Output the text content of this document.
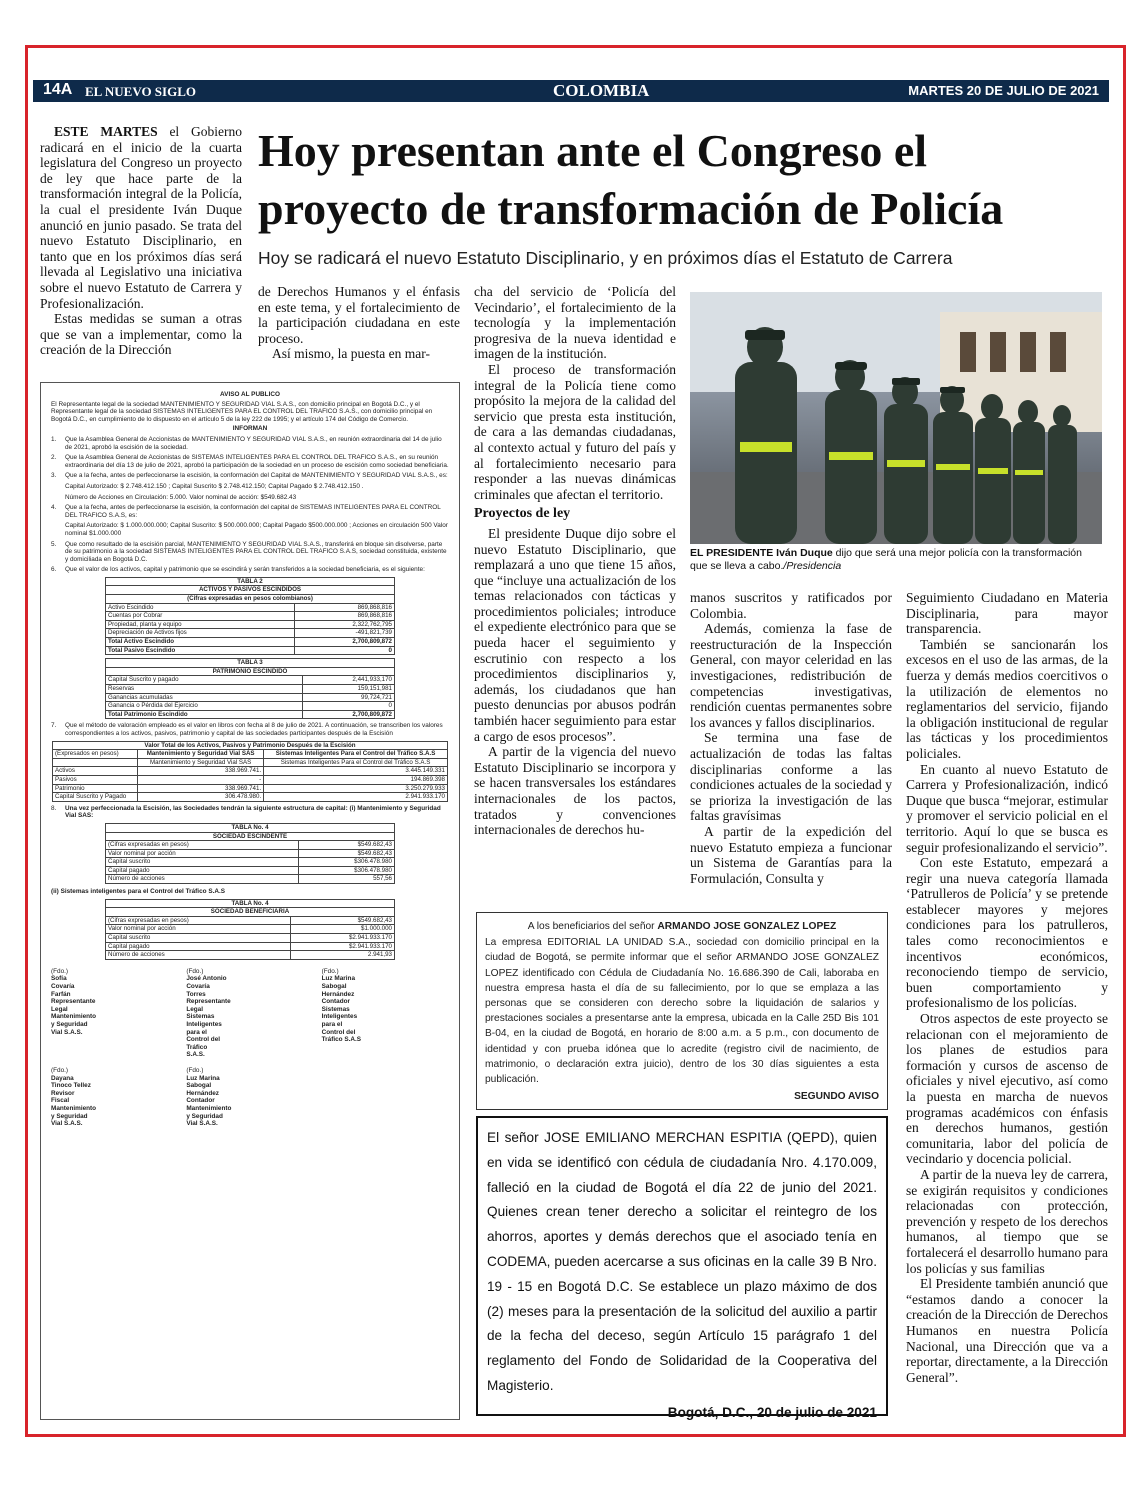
14A EL NUEVO SIGLO	COLOMBIA	MARTES 20 DE JULIO DE 2021

ESTE MARTES el Gobierno radicará en el inicio de la cuarta legislatura del Congreso un proyecto de ley que hace parte de la transformación integral de la Policía, la cual el presidente Iván Duque anunció en junio pasado. Se trata del nuevo Estatuto Disciplinario, en tanto que en los próximos días será llevada al Legislativo una iniciativa sobre el nuevo Estatuto de Carrera y Profesionalización.

Estas medidas se suman a otras que se van a implementar, como la creación de la Dirección

Hoy presentan ante el Congreso el proyecto de transformación de Policía
Hoy se radicará el nuevo Estatuto Disciplinario, y en próximos días el Estatuto de Carrera

de Derechos Humanos y el énfasis en este tema, y el fortalecimiento de la participación ciudadana en este proceso.

Así mismo, la puesta en mar-

cha del servicio de ‘Policía del Vecindario’, el fortalecimiento de la tecnología y la implementación progresiva de la nueva identidad e imagen de la institución.

El proceso de transformación integral de la Policía tiene como propósito la mejora de la calidad del servicio que presta esta institución, de cara a las demandas ciudadanas, al contexto actual y futuro del país y al fortalecimiento necesario para responder a las nuevas dinámicas criminales que afectan el territorio.

Proyectos de ley

El presidente Duque dijo sobre el nuevo Estatuto Disciplinario, que remplazará a uno que tiene 15 años, que “incluye una actualización de los temas relacionados con tácticas y procedimientos policiales; introduce el expediente electrónico para que se pueda hacer el seguimiento y escrutinio con respecto a los procedimientos disciplinarios y, además, los ciudadanos que han puesto denuncias por abusos podrán también hacer seguimiento para estar a cargo de esos procesos”.

A partir de la vigencia del nuevo Estatuto Disciplinario se incorpora y se hacen transversales los estándares internacionales de los pactos, tratados y convenciones internacionales de derechos hu-

EL PRESIDENTE Iván Duque dijo que será una mejor policía con la transformación que se lleva a cabo./Presidencia

manos suscritos y ratificados por Colombia.

Además, comienza la fase de reestructuración de la Inspección General, con mayor celeridad en las investigaciones, redistribución de competencias investigativas, rendición cuentas permanentes sobre los avances y fallos disciplinarios.

Se termina una fase de actualización de todas las faltas disciplinarias conforme a las condiciones actuales de la sociedad y se prioriza la investigación de las faltas gravísimas

A partir de la expedición del nuevo Estatuto empieza a funcionar un Sistema de Garantías para la Formulación, Consulta y

Seguimiento Ciudadano en Materia Disciplinaria, para mayor transparencia.

También se sancionarán los excesos en el uso de las armas, de la fuerza y demás medios coercitivos o la utilización de elementos no reglamentarios del servicio, fijando la obligación institucional de regular las tácticas y los procedimientos policiales.

En cuanto al nuevo Estatuto de Carrera y Profesionalización, indicó Duque que busca “mejorar, estimular y promover el servicio policial en el territorio. Aquí lo que se busca es seguir profesionalizando el servicio”.

Con este Estatuto, empezará a regir una nueva categoría llamada ‘Patrulleros de Policía’ y se pretende establecer mayores y mejores condiciones para los patrulleros, tales como reconocimientos e incentivos económicos, reconociendo tiempo de servicio, buen comportamiento y profesionalismo de los policías.

Otros aspectos de este proyecto se relacionan con el mejoramiento de los planes de estudios para formación y cursos de ascenso de oficiales y nivel ejecutivo, así como la puesta en marcha de nuevos programas académicos con énfasis en derechos humanos, gestión comunitaria, labor del policía de vecindario y docencia policial.

A partir de la nueva ley de carrera, se exigirán requisitos y condiciones relacionadas con protección, prevención y respeto de los derechos humanos, al tiempo que se fortalecerá el desarrollo humano para los policías y sus familias

El Presidente también anunció que “estamos dando a conocer la creación de la Dirección de Derechos Humanos en nuestra Policía Nacional, una Dirección que va a reportar, directamente, a la Dirección General”.

AVISO AL PUBLICO
El Representante legal de la sociedad MANTENIMIENTO Y SEGURIDAD VIAL S.A.S., con domicilio principal en Bogotá D.C., y el Representante legal de la sociedad SISTEMAS INTELIGENTES PARA EL CONTROL DEL TRAFICO S.A.S., con domicilio principal en Bogotá D.C., en cumplimiento de lo dispuesto en el artículo 5 de la ley 222 de 1995; y el artículo 174 del Código de Comercio.
INFORMAN
1.	Que la Asamblea General de Accionistas de MANTENIMIENTO Y SEGURIDAD VIAL S.A.S., en reunión extraordinaria del 14 de julio de 2021, aprobó la escisión de la sociedad.
2.	Que la Asamblea General de Accionistas de SISTEMAS INTELIGENTES PARA EL CONTROL DEL TRAFICO S.A.S., en su reunión extraordinaria del día 13 de julio de 2021, aprobó la participación de la sociedad en un proceso de escisión como sociedad beneficiaria.
3.	Que a la fecha, antes de perfeccionarse la escisión, la conformación del Capital de MANTENIMIENTO Y SEGURIDAD VIAL S.A.S., es:
Capital Autorizado: $ 2.748.412.150 ; Capital Suscrito $ 2.748.412.150; Capital Pagado $ 2.748.412.150 .
Número de Acciones en Circulación: 5.000. Valor nominal de acción: $549.682.43
4.	Que a la fecha, antes de perfeccionarse la escisión, la conformación del capital de SISTEMAS INTELIGENTES PARA EL CONTROL DEL TRAFICO S.A.S, es:
Capital Autorizado: $ 1.000.000.000; Capital Suscrito: $ 500.000.000; Capital Pagado $500.000.000 ; Acciones en circulación 500 Valor nominal $1.000.000
5.	Que como resultado de la escisión parcial, MANTENIMIENTO Y SEGURIDAD VIAL S.A.S., transferirá en bloque sin disolverse, parte de su patrimonio a la sociedad SISTEMAS INTELIGENTES PARA EL CONTROL DEL TRAFICO S.A.S, sociedad constituida, existente y domiciliada en Bogotá D.C.
6.	Que el valor de los activos, capital y patrimonio que se escindirá y serán transferidos a la sociedad beneficiaria, es el siguiente:
TABLA 2	
ACTIVOS Y PASIVOS ESCINDIDOS	
(Cifras expresadas en pesos colombianos)	
Activo Escindido	869,868,816
Cuentas por Cobrar	869,868,816
Propiedad, planta y equipo	2,322,762,795
Depreciación de Activos fijos	-491,821,739
Total Activo Escindido	2,700,809,872
Total Pasivo Escindido	0
TABLA 3	
PATRIMONIO ESCINDIDO	
Capital Suscrito y pagado	2,441,933,170
Reservas	159,151,981
Ganancias acumuladas	99,724,721
Ganancia o Pérdida del Ejercicio	0
Total Patrimonio Escindido	2,700,809,872
7.	Que el método de valoración empleado es el valor en libros con fecha al 8 de julio de 2021. A continuación, se transcriben los valores correspondientes a los activos, pasivos, patrimonio y capital de las sociedades participantes después de la Escisión
Valor Total de los Activos, Pasivos y Patrimonio Después de la Escisión		
(Expresados en pesos)	Mantenimiento y Seguridad Vial SAS	Sistemas Inteligentes Para el Control del Tráfico S.A.S
	Mantenimiento y Seguridad Vial SAS	Sistemas Inteligentes Para el Control del Tráfico S.A.S
Activos	338.969.741.	3.445.149.331
Pasivos	-	194.869.398
Patrimonio	338.969.741.	3.250.279.933
Capital Suscrito y Pagado	306.478.980.	2.941.933.170
8.	Una vez perfeccionada la Escisión, las Sociedades tendrán la siguiente estructura de capital: (i) Mantenimiento y Seguridad Vial SAS:
TABLA No. 4	
SOCIEDAD ESCINDENTE	
(Cifras expresadas en pesos)	$549.682,43
Valor nominal por acción	$549.682,43
Capital suscrito	$306.478.980
Capital pagado	$306.478.980
Número de acciones	557,56
(ii) Sistemas inteligentes para el Control del Tráfico S.A.S
TABLA No. 4	
SOCIEDAD BENEFICIARIA	
(Cifras expresadas en pesos)	$549.682,43
Valor nominal por acción	$1.000.000
Capital suscrito	$2.941.933.170
Capital pagado	$2.941.933.170
Número de acciones	2.941,93
(Fdo.)
Sofía Covaría Farfán
Representante Legal
Mantenimiento y Seguridad Vial S.A.S.
(Fdo.)
José Antonio Covaría Torres
Representante Legal
Sistemas Inteligentes para el Control del Tráfico S.A.S.
(Fdo.)
Luz Marina Sabogal Hernández
Contador
Sistemas Inteligentes para el Control del Tráfico S.A.S
(Fdo.)
Dayana Tinoco Tellez
Revisor Fiscal
Mantenimiento y Seguridad Vial S.A.S.
(Fdo.)
Luz Marina Sabogal Hernández
Contador
Mantenimiento y Seguridad Vial S.A.S.
A los beneficiarios del señor ARMANDO JOSE GONZALEZ LOPEZ
La empresa EDITORIAL LA UNIDAD S.A., sociedad con domicilio principal en la ciudad de Bogotá, se permite informar que el señor ARMANDO JOSE GONZALEZ LOPEZ identificado con Cédula de Ciudadanía No. 16.686.390 de Cali, laboraba en nuestra empresa hasta el día de su fallecimiento, por lo que se emplaza a las personas que se consideren con derecho sobre la liquidación de salarios y prestaciones sociales a presentarse ante la empresa, ubicada en la Calle 25D Bis 101 B-04, en la ciudad de Bogotá, en horario de 8:00 a.m. a 5 p.m., con documento de identidad y con prueba idónea que lo acredite (registro civil de nacimiento, de matrimonio, o declaración extra juicio), dentro de los 30 días siguientes a esta publicación.
SEGUNDO AVISO
El señor JOSE EMILIANO MERCHAN ESPITIA (QEPD), quien en vida se identificó con cédula de ciudadanía Nro. 4.170.009, falleció en la ciudad de Bogotá el día 22 de junio del 2021. Quienes crean tener derecho a solicitar el reintegro de los ahorros, aportes y demás derechos que el asociado tenía en CODEMA, pueden acercarse a sus oficinas en la calle 39 B Nro. 19 - 15 en Bogotá D.C. Se establece un plazo máximo de dos (2) meses para la presentación de la solicitud del auxilio a partir de la fecha del deceso, según Artículo 15 parágrafo 1 del reglamento del Fondo de Solidaridad de la Cooperativa del Magisterio.
Bogotá, D.C., 20 de julio de 2021
